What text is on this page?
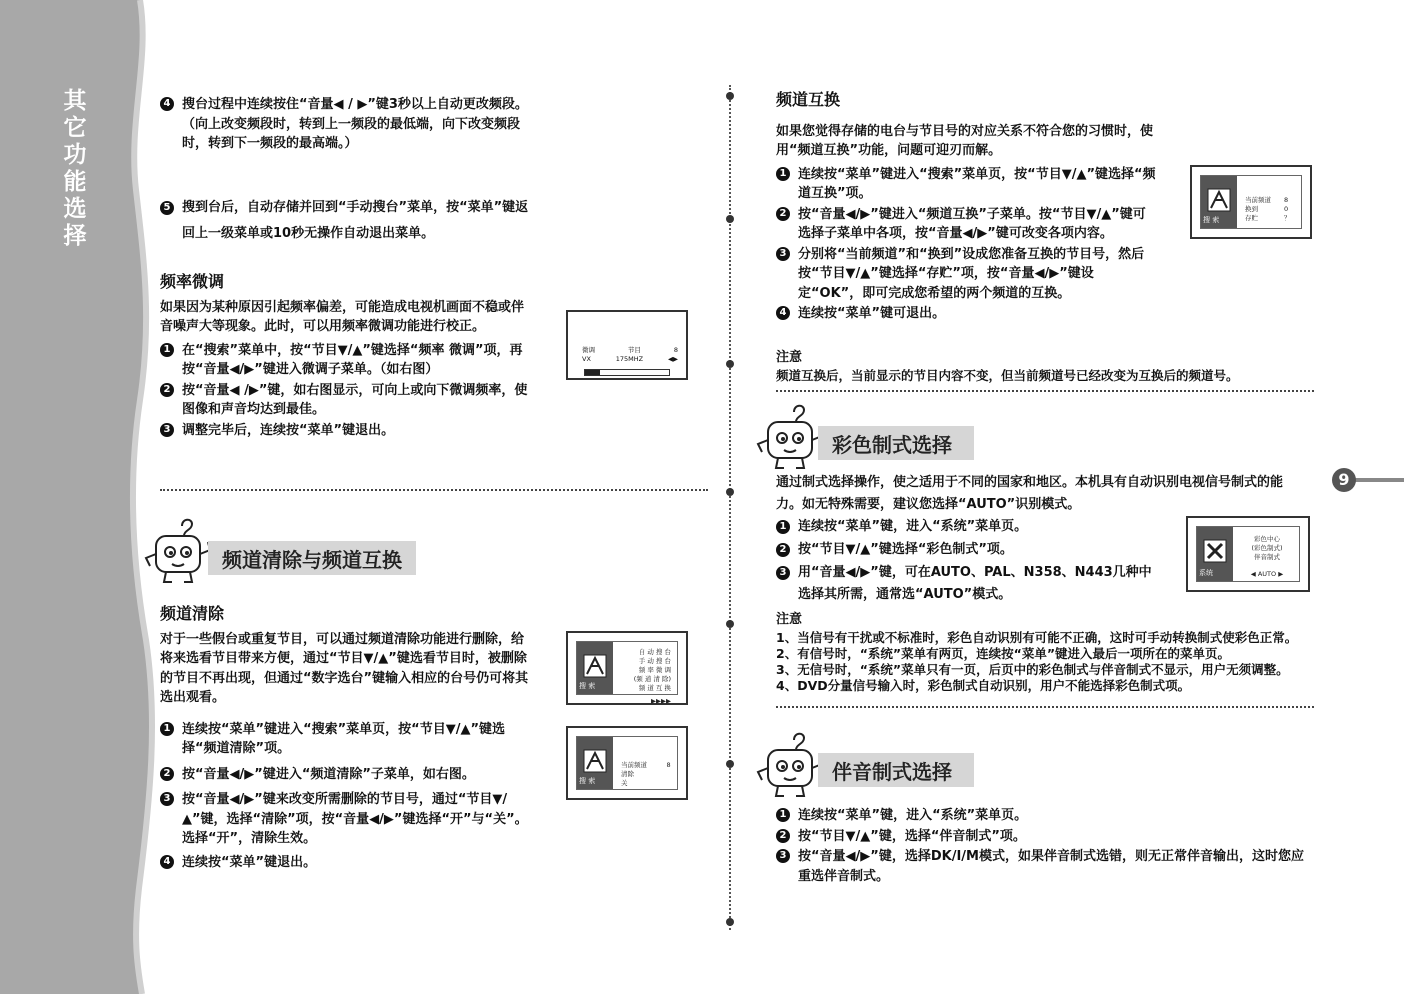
其
它
功
能
选
择
4 搜台过程中连续按住“音量◀ / ▶”键3秒以上自动更改频段。（向上改变频段时，转到上一频段的最低端，向下改变频段时，转到下一频段的最高端。）
5 搜到台后，自动存储并回到“手动搜台”菜单，按“菜单”键返回上一级菜单或10秒无操作自动退出菜单。
频率微调
如果因为某种原因引起频率偏差，可能造成电视机画面不稳或伴音噪声大等现象。此时，可以用频率微调功能进行校正。
1 在“搜索”菜单中，按“节目▼/▲”键选择“频率 微调”项，再按“音量◀/▶”键进入微调子菜单。（如右图）
2 按“音量◀ /▶”键，如右图显示，可向上或向下微调频率，使图像和声音均达到最佳。
3 调整完毕后，连续按“菜单”键退出。
微调	节目	8
VX	175MHZ	◀▶
频道清除与频道互换
频道清除
对于一些假台或重复节目，可以通过频道清除功能进行删除，给将来选看节目带来方便，通过“节目▼/▲”键选看节目时，被删除的节目不再出现，但通过“数字选台”键输入相应的台号仍可将其选出观看。
1 连续按“菜单”键进入“搜索”菜单页，按“节目▼/▲”键选择“频道清除”项。
2 按“音量◀/▶”键进入“频道清除”子菜单，如右图。
3 按“音量◀/▶”键来改变所需删除的节目号，通过“节目▼/▲”键，选择“清除”项，按“音量◀/▶”键选择“开”与“关”。选择“开”，清除生效。
4 连续按“菜单”键退出。
搜 索
自 动 搜 台
手 动 搜 台
频 率 微 调
(频 道 清 除)
频 道 互 换
▶▶▶▶
搜 索
当前频道　　　8
清除　　　　　关
频道互换
如果您觉得存储的电台与节目号的对应关系不符合您的习惯时，使用“频道互换”功能，问题可迎刃而解。
1 连续按“菜单”键进入“搜索”菜单页，按“节目▼/▲”键选择“频道互换”项。
2 按“音量◀/▶”键进入“频道互换”子菜单。按“节目▼/▲”键可选择子菜单中各项，按“音量◀/▶”键可改变各项内容。
3 分别将“当前频道”和“换到”设成您准备互换的节目号，然后按“节目▼/▲”键选择“存贮”项，按“音量◀/▶”键设定“OK”，即可完成您希望的两个频道的互换。
4 连续按“菜单”键可退出。
注意
频道互换后，当前显示的节目内容不变，但当前频道号已经改变为互换后的频道号。
搜 索
当前频道　　8
换到　　　　0
存贮　　　　？
彩色制式选择
通过制式选择操作，使之适用于不同的国家和地区。本机具有自动识别电视信号制式的能力。如无特殊需要，建议您选择“AUTO”识别模式。
1 连续按“菜单”键，进入“系统”菜单页。
2 按“节目▼/▲”键选择“彩色制式”项。
3 用“音量◀/▶”键，可在AUTO、PAL、N358、N443几种中选择其所需，通常选“AUTO”模式。
系统
彩色中心
(彩色制式)
伴音制式
◀ AUTO ▶
注意
1、当信号有干扰或不标准时，彩色自动识别有可能不正确，这时可手动转换制式使彩色正常。
2、有信号时，“系统”菜单有两页，连续按“菜单”键进入最后一项所在的菜单页。
3、无信号时，“系统”菜单只有一页，后页中的彩色制式与伴音制式不显示，用户无须调整。
4、DVD分量信号输入时，彩色制式自动识别，用户不能选择彩色制式项。
伴音制式选择
1 连续按“菜单”键，进入“系统”菜单页。
2 按“节目▼/▲”键，选择“伴音制式”项。
3 按“音量◀/▶”键，选择DK/I/M模式，如果伴音制式选错，则无正常伴音输出，这时您应重选伴音制式。
9
